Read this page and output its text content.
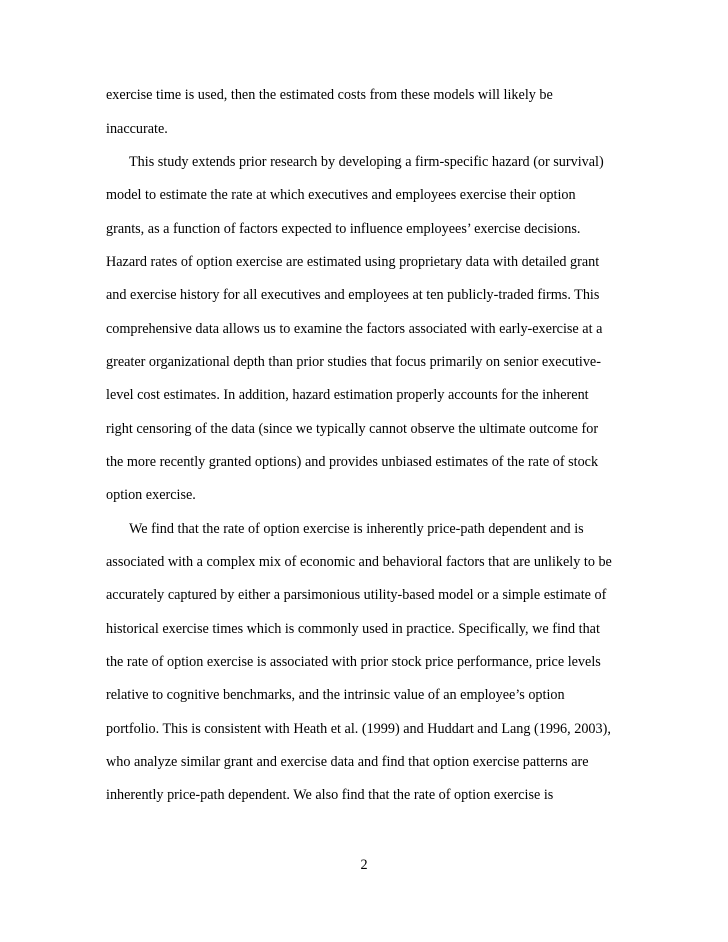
exercise time is used, then the estimated costs from these models will likely be
inaccurate.
This study extends prior research by developing a firm-specific hazard (or survival)
model to estimate the rate at which executives and employees exercise their option
grants, as a function of factors expected to influence employees’ exercise decisions.
Hazard rates of option exercise are estimated using proprietary data with detailed grant
and exercise history for all executives and employees at ten publicly-traded firms. This
comprehensive data allows us to examine the factors associated with early-exercise at a
greater organizational depth than prior studies that focus primarily on senior executive-
level cost estimates. In addition, hazard estimation properly accounts for the inherent
right censoring of the data (since we typically cannot observe the ultimate outcome for
the more recently granted options) and provides unbiased estimates of the rate of stock
option exercise.
We find that the rate of option exercise is inherently price-path dependent and is
associated with a complex mix of economic and behavioral factors that are unlikely to be
accurately captured by either a parsimonious utility-based model or a simple estimate of
historical exercise times which is commonly used in practice. Specifically, we find that
the rate of option exercise is associated with prior stock price performance, price levels
relative to cognitive benchmarks, and the intrinsic value of an employee’s option
portfolio. This is consistent with Heath et al. (1999) and Huddart and Lang (1996, 2003),
who analyze similar grant and exercise data and find that option exercise patterns are
inherently price-path dependent. We also find that the rate of option exercise is
2
